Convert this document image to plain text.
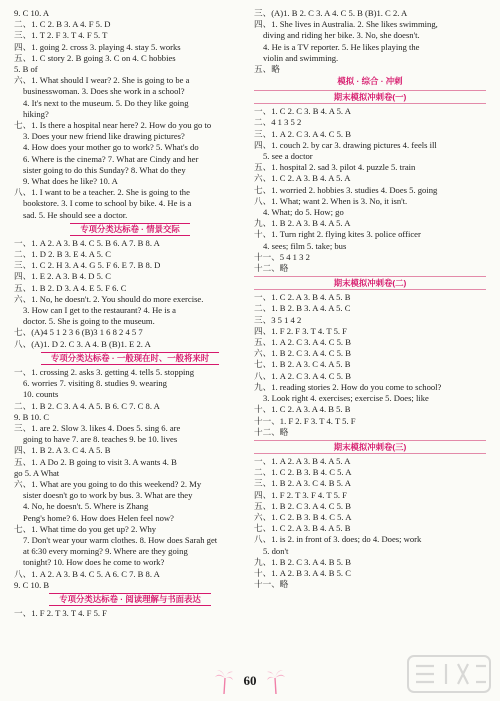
9. C 10. A
二、1. C 2. B 3. A 4. F 5. D
三、1. T 2. F 3. T 4. F 5. T
四、1. going 2. cross 3. playing 4. stay 5. works
五、1. C story 2. B going 3. C on 4. C hobbies
5. B of
六、1. What should I wear? 2. She is going to be a
businesswoman. 3. Does she work in a school?
4. It's next to the museum. 5. Do they like going
hiking?
七、1. Is there a hospital near here? 2. How do you go to
3. Does your new friend like drawing pictures?
4. How does your mother go to work? 5. What's do
6. Where is the cinema? 7. What are Cindy and her
sister going to do this Sunday? 8. What do they
9. What does he like? 10. A
八、1. I want to be a teacher. 2. She is going to the
bookstore. 3. I come to school by bike. 4. He is a
sad. 5. He should see a doctor.
专项分类达标卷 · 情景交际
一、1. A 2. A 3. B 4. C 5. B 6. A 7. B 8. A
二、1. D 2. B 3. E 4. A 5. C
三、1. C 2. H 3. A 4. G 5. F 6. E 7. B 8. D
四、1. E 2. A 3. B 4. D 5. C
五、1. B 2. D 3. A 4. E 5. F 6. C
六、1. No, he doesn't. 2. You should do more exercise.
3. How can I get to the restaurant? 4. He is a
doctor. 5. She is going to the museum.
七、(A)4 5 1 2 3 6 (B)3 1 6 8 2 4 5 7
八、(A)1. D 2. C 3. A 4. B (B)1. E 2. A
专项分类达标卷 · 一般现在时、一般将来时
一、1. crossing 2. asks 3. getting 4. tells 5. stopping
6. worries 7. visiting 8. studies 9. wearing
10. counts
二、1. B 2. C 3. A 4. A 5. B 6. C 7. C 8. A
9. B 10. C
三、1. are 2. Slow 3. likes 4. Does 5. sing 6. are
going to have 7. are 8. teaches 9. be 10. lives
四、1. B 2. A 3. C 4. A 5. B
五、1. A Do 2. B going to visit 3. A wants 4. B
go 5. A What
六、1. What are you going to do this weekend? 2. My
sister doesn't go to work by bus. 3. What are they
4. No, he doesn't. 5. Where is Zhang
Peng's home? 6. How does Helen feel now?
七、1. What time do you get up? 2. Why
7. Don't wear your warm clothes. 8. How does Sarah get
at 6:30 every morning? 9. Where are they going
tonight? 10. How does he come to work?
八、1. A 2. A 3. B 4. C 5. A 6. C 7. B 8. A
9. C 10. B
专项分类达标卷 · 阅读理解与书面表达
一、1. F 2. T 3. T 4. F 5. F
三、(A)1. B 2. C 3. A 4. C 5. B (B)1. C 2. A
四、1. She lives in Australia. 2. She likes swimming,
diving and riding her bike. 3. No, she doesn't.
4. He is a TV reporter. 5. He likes playing the
violin and swimming.
五、略
模拟 · 综合 · 冲刺
期末模拟冲刺卷(一)
一、1. C 2. C 3. B 4. A 5. A
二、4 1 3 5 2
三、1. A 2. C 3. A 4. C 5. B
四、1. couch 2. by car 3. drawing pictures 4. feels ill
5. see a doctor
五、1. hospital 2. sad 3. pilot 4. puzzle 5. train
六、1. C 2. A 3. B 4. A 5. A
七、1. worried 2. hobbies 3. studies 4. Does 5. going
八、1. What; want 2. When is 3. No, it isn't.
4. What; do 5. How; go
九、1. B 2. A 3. B 4. A 5. A
十、1. Turn right 2. flying kites 3. police officer
4. sees; film 5. take; bus
十一、5 4 1 3 2
十二、略
期末模拟冲刺卷(二)
一、1. C 2. A 3. B 4. A 5. B
二、1. B 2. B 3. A 4. A 5. C
三、3 5 1 4 2
四、1. F 2. F 3. T 4. T 5. F
五、1. A 2. C 3. A 4. C 5. B
六、1. B 2. C 3. A 4. C 5. B
七、1. B 2. A 3. C 4. A 5. B
八、1. A 2. C 3. A 4. C 5. B
九、1. reading stories 2. How do you come to school?
3. Look right 4. exercises; exercise 5. Does; like
十、1. C 2. A 3. A 4. B 5. B
十一、1. F 2. F 3. T 4. T 5. F
十二、略
期末模拟冲刺卷(三)
一、1. A 2. A 3. B 4. A 5. A
二、1. C 2. B 3. B 4. C 5. A
三、1. B 2. A 3. C 4. B 5. A
四、1. F 2. T 3. F 4. T 5. F
五、1. B 2. C 3. A 4. C 5. B
六、1. C 2. B 3. B 4. C 5. A
七、1. C 2. A 3. B 4. A 5. B
八、1. is 2. in front of 3. does; do 4. Does; work
5. don't
九、1. B 2. C 3. A 4. B 5. B
十、1. A 2. B 3. A 4. B 5. C
十一、略
60
